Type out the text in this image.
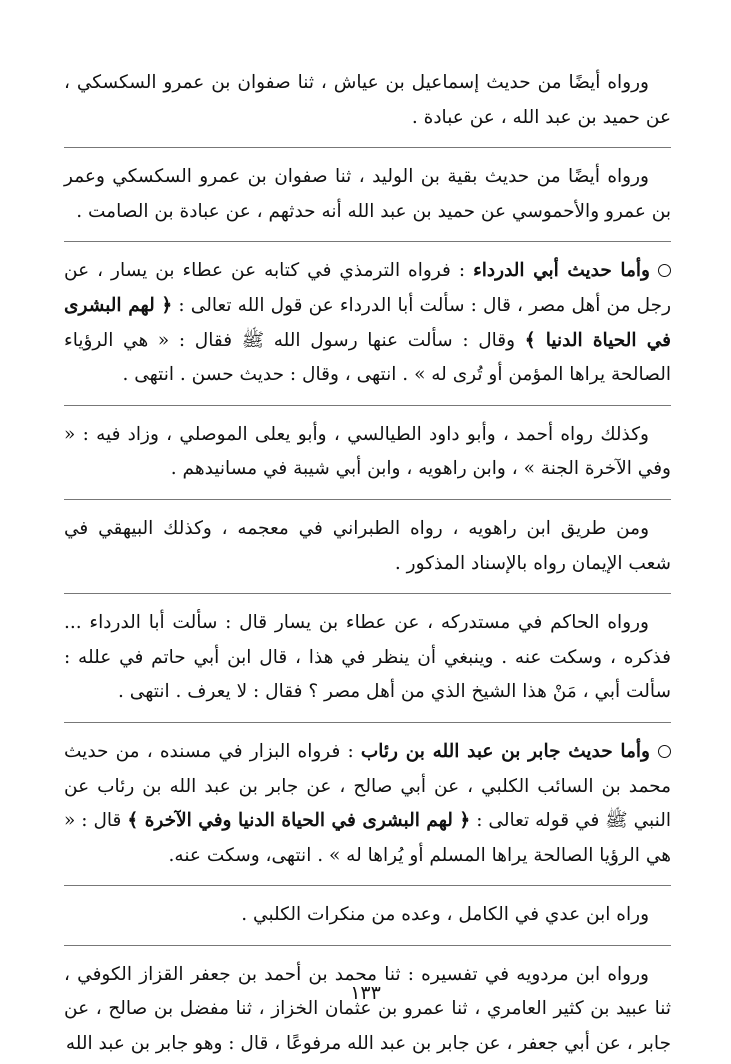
ورواه أيضًا من حديث إسماعيل بن عياش ، ثنا صفوان بن عمرو السكسكي ، عن حميد بن عبد الله ، عن عبادة .

ورواه أيضًا من حديث بقية بن الوليد ، ثنا صفوان بن عمرو السكسكي وعمر بن عمرو والأحموسي عن حميد بن عبد الله أنه حدثهم ، عن عبادة بن الصامت .

وأما حديث أبي الدرداء : فرواه الترمذي في كتابه عن عطاء بن يسار ، عن رجل من أهل مصر ، قال : سألت أبا الدرداء عن قول الله تعالى : ﴿ لهم البشرى في الحياة الدنيا ﴾ وقال : سألت عنها رسول الله ﷺ فقال : « هي الرؤياء الصالحة يراها المؤمن أو تُرى له » . انتهى ، وقال : حديث حسن . انتهى .

وكذلك رواه أحمد ، وأبو داود الطيالسي ، وأبو يعلى الموصلي ، وزاد فيه : « وفي الآخرة الجنة » ، وابن راهويه ، وابن أبي شيبة في مسانيدهم .

ومن طريق ابن راهويه ، رواه الطبراني في معجمه ، وكذلك البيهقي في شعب الإيمان رواه بالإسناد المذكور .

ورواه الحاكم في مستدركه ، عن عطاء بن يسار قال : سألت أبا الدرداء ... فذكره ، وسكت عنه . وينبغي أن ينظر في هذا ، قال ابن أبي حاتم في علله : سألت أبي ، مَنْ هذا الشيخ الذي من أهل مصر ؟ فقال : لا يعرف . انتهى .

وأما حديث جابر بن عبد الله بن رئاب : فرواه البزار في مسنده ، من حديث محمد بن السائب الكلبي ، عن أبي صالح ، عن جابر بن عبد الله بن رئاب عن النبي ﷺ في قوله تعالى : ﴿ لهم البشرى في الحياة الدنيا وفي الآخرة ﴾ قال : « هي الرؤيا الصالحة يراها المسلم أو يُراها له » . انتهى، وسكت عنه.

وراه ابن عدي في الكامل ، وعده من منكرات الكلبي .

ورواه ابن مردويه في تفسيره : ثنا محمد بن أحمد بن جعفر القزاز الكوفي ، ثنا عبيد بن كثير العامري ، ثنا عمرو بن عثمان الخزاز ، ثنا مفضل بن صالح ، عن جابر ، عن أبي جعفر ، عن جابر بن عبد الله مرفوعًا ، قال : وهو جابر بن عبد الله

١٣٣
